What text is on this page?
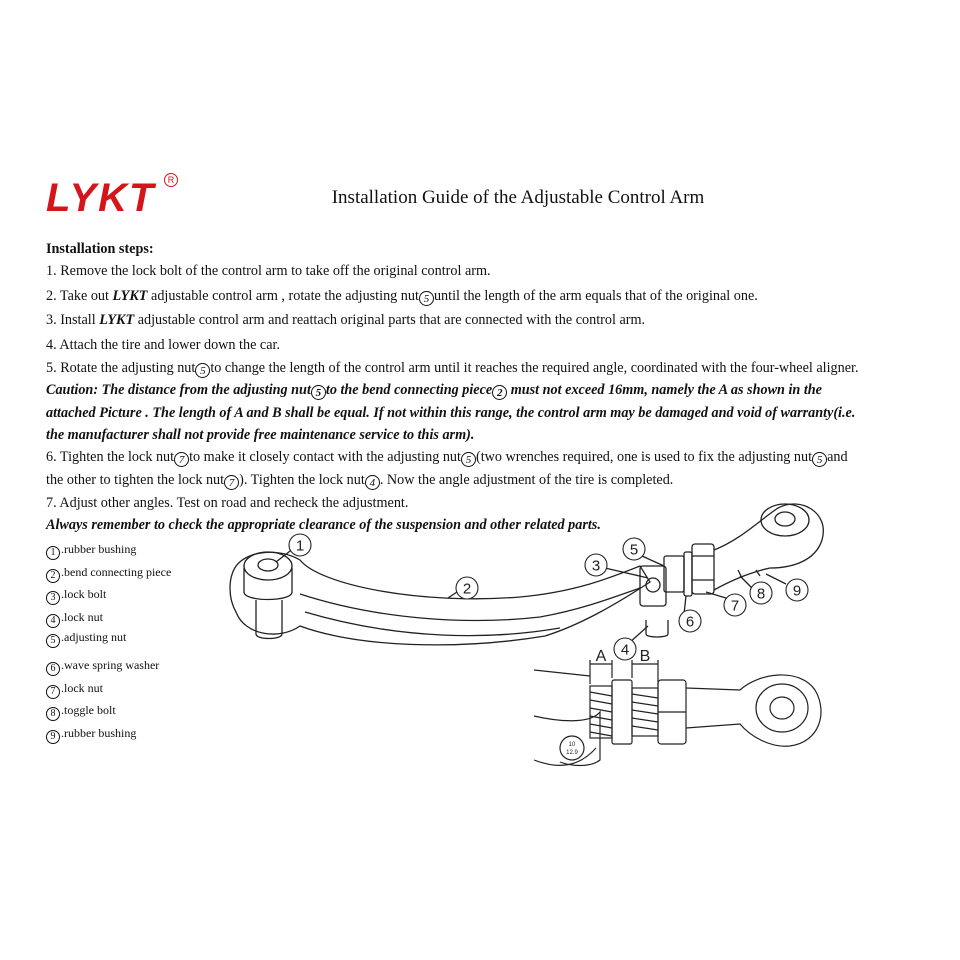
LYKT	R
Installation Guide of the Adjustable Control Arm
Installation steps:
1. Remove the lock bolt of the control arm to take off the original control arm.
2. Take out LYKT adjustable control arm , rotate the adjusting nut 5 until the length of the arm equals that of the original one.
3. Install LYKT adjustable control arm and reattach original parts that are connected with the control arm.
4. Attach the tire and lower down the car.
5. Rotate the adjusting nut 5 to change the length of the control arm until it reaches the required angle, coordinated with the four-wheel aligner.
Caution: The distance from the adjusting nut 5 to the bend connecting piece 2 must not exceed 16mm, namely the A as shown in the
attached Picture . The length of A and B shall be equal. If not within this range, the control arm may be damaged and void of warranty(i.e.
the manufacturer shall not provide free maintenance service to this arm).
6. Tighten the lock nut 7 to make it closely contact with the adjusting nut 5 (two wrenches required, one is used to fix the adjusting nut 5 and
the other to tighten the lock nut 7 ). Tighten the lock nut 4 . Now the angle adjustment of the tire is completed.
7. Adjust other angles. Test on road and recheck the adjustment.
Always remember to check the appropriate clearance of the suspension and other related parts.
1 .rubber bushing
2 .bend connecting piece
3 .lock bolt
4 .lock nut
5 .adjusting nut
6 .wave spring washer
7 .lock nut
8 .toggle bolt
9 .rubber bushing
1
2
3
4
5
6
7
8 9
A B
10
12.9
